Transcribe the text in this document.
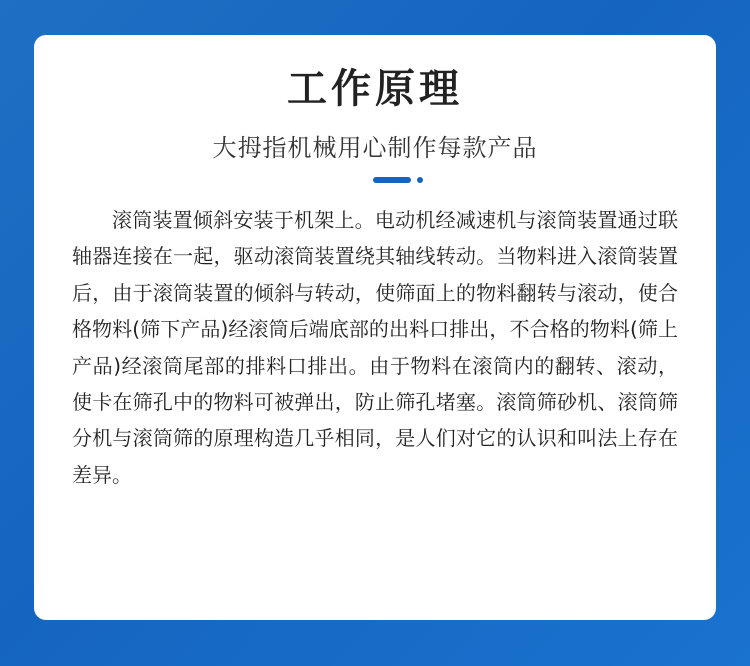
工作原理
大拇指机械用心制作每款产品

滚筒装置倾斜安装于机架上。电动机经减速机与滚筒装置通过联轴器连接在一起，驱动滚筒装置绕其轴线转动。当物料进入滚筒装置后，由于滚筒装置的倾斜与转动，使筛面上的物料翻转与滚动，使合格物料(筛下产品)经滚筒后端底部的出料口排出，不合格的物料(筛上产品)经滚筒尾部的排料口排出。由于物料在滚筒内的翻转、滚动，使卡在筛孔中的物料可被弹出，防止筛孔堵塞。滚筒筛砂机、滚筒筛分机与滚筒筛的原理构造几乎相同，是人们对它的认识和叫法上存在差异。
